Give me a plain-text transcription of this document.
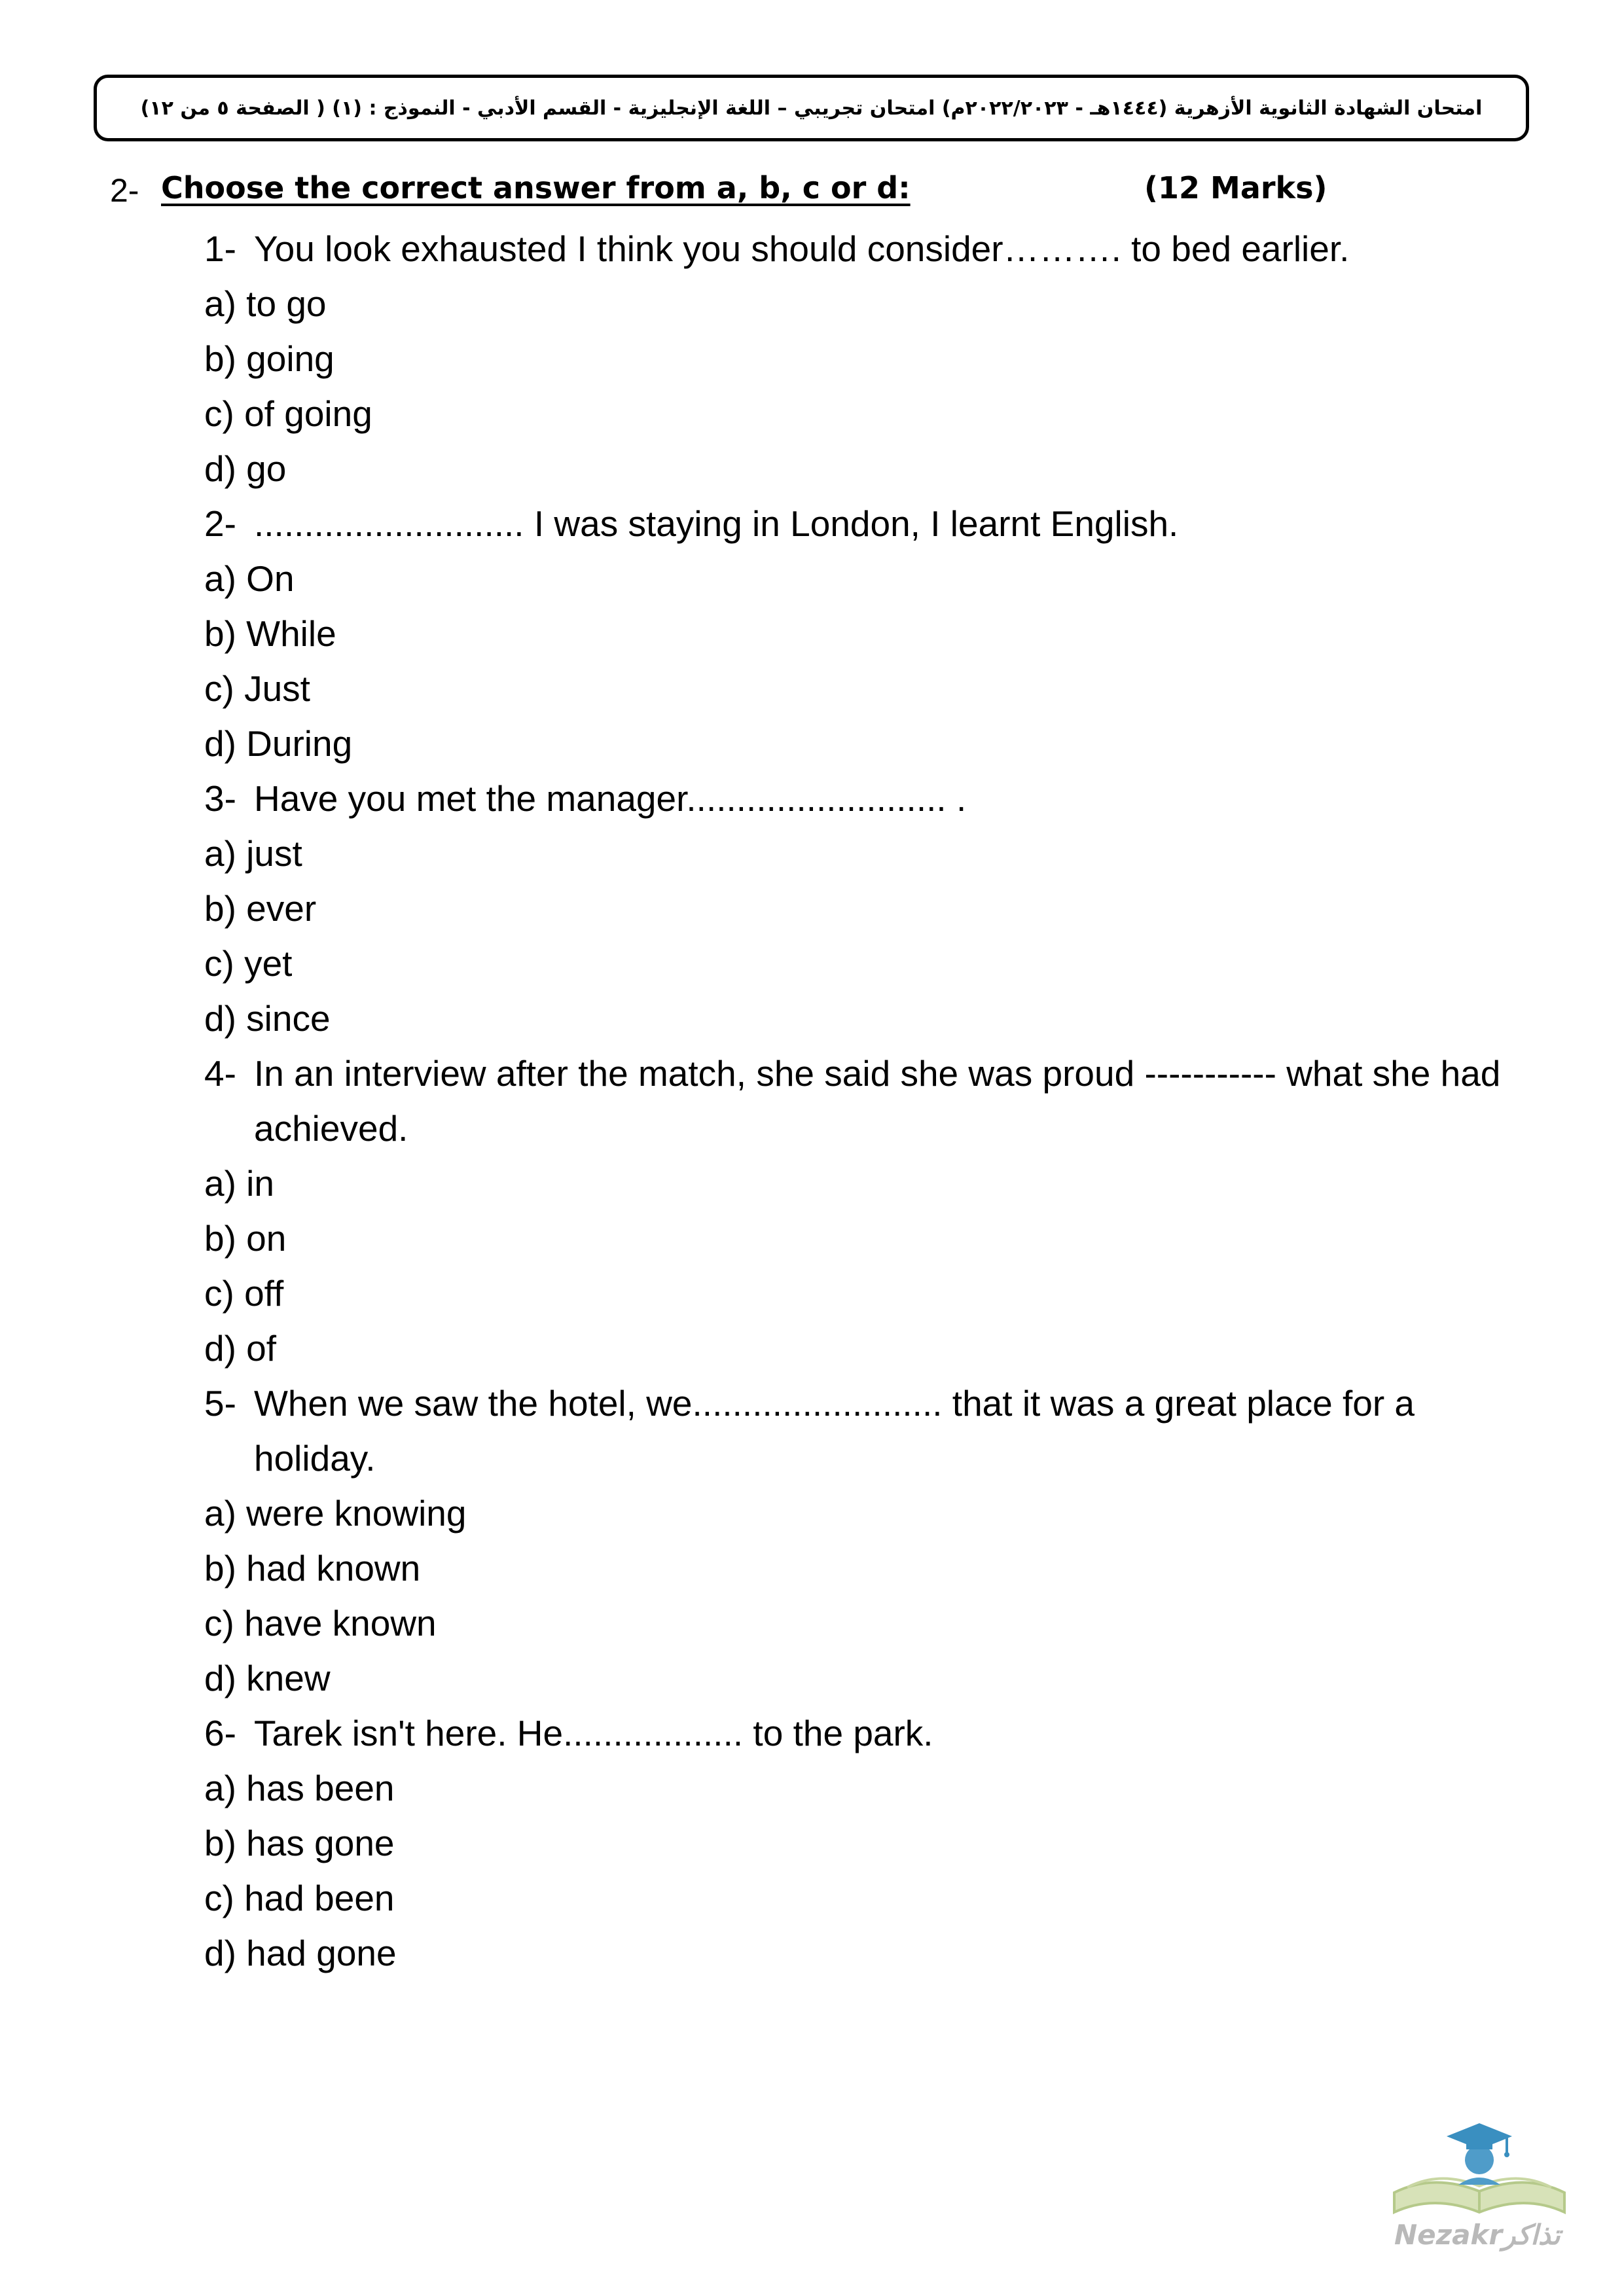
امتحان الشهادة الثانوية الأزهرية (١٤٤٤هـ - ٢٠٢٢/٢٠٢٣م) امتحان تجريبي – اللغة الإنجليزية - القسم الأدبي - النموذج : (١) ( الصفحة ٥ من ١٢)
2- Choose the correct answer from a, b, c or d:	(12 Marks)
1- You look exhausted I think you should consider………. to bed earlier.
a) to go
b) going
c) of going
d) go
2- ........................... I was staying in London, I learnt English.
a) On
b) While
c) Just
d) During
3- Have you met the manager.......................... .
a) just
b) ever
c) yet
d) since
4- In an interview after the match, she said she was proud ----------- what she had achieved.
a) in
b) on
c) off
d) of
5- When we saw the hotel, we......................... that it was a great place for a holiday.
a) were knowing
b) had known
c) have known
d) knew
6- Tarek isn't here. He.................. to the park.
a) has been
b) has gone
c) had been
d) had gone
Nezakrتذاكر
